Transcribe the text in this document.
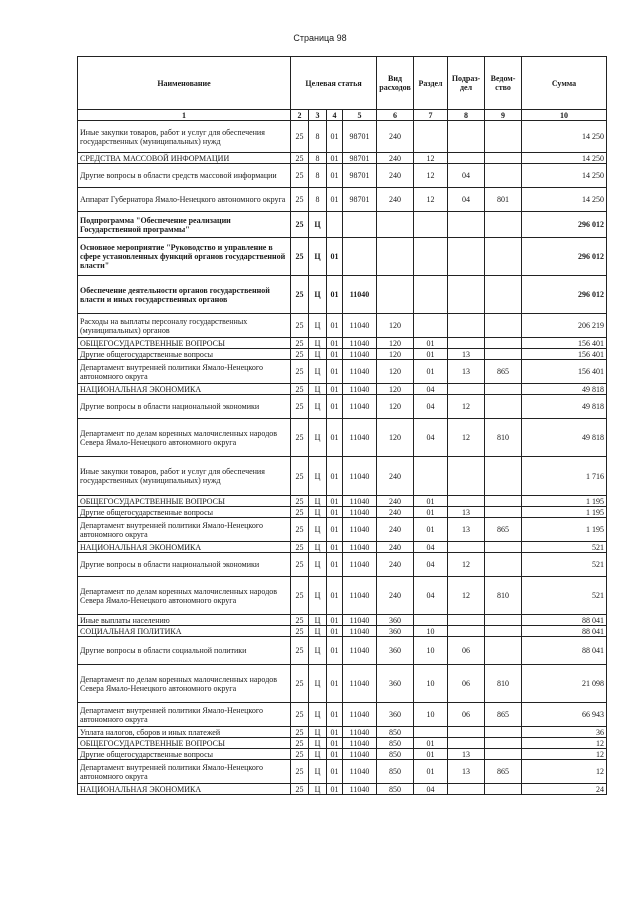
Страница 98
Наименование	Целевая статья				Вид расходов	Раздел	Подраз-дел	Ведом-ство	Сумма
1	2	3	4	5	6	7	8	9	10
Иные закупки товаров, работ и услуг для обеспечения государственных (муниципальных) нужд	25	8	01	98701	240				14 250
СРЕДСТВА МАССОВОЙ ИНФОРМАЦИИ	25	8	01	98701	240	12			14 250
Другие вопросы в области средств массовой информации	25	8	01	98701	240	12	04		14 250
Аппарат Губернатора Ямало-Ненецкого автономного округа	25	8	01	98701	240	12	04	801	14 250
Подпрограмма "Обеспечение реализации Государственной программы"	25	Ц							296 012
Основное мероприятие "Руководство и управление в сфере установленных функций органов государственной власти"	25	Ц	01						296 012
Обеспечение деятельности органов государственной власти и иных государственных органов	25	Ц	01	11040					296 012
Расходы на выплаты персоналу государственных (муниципальных) органов	25	Ц	01	11040	120				206 219
ОБЩЕГОСУДАРСТВЕННЫЕ ВОПРОСЫ	25	Ц	01	11040	120	01			156 401
Другие общегосударственные вопросы	25	Ц	01	11040	120	01	13		156 401
Департамент внутренней политики Ямало-Ненецкого автономного округа	25	Ц	01	11040	120	01	13	865	156 401
НАЦИОНАЛЬНАЯ ЭКОНОМИКА	25	Ц	01	11040	120	04			49 818
Другие вопросы в области национальной экономики	25	Ц	01	11040	120	04	12		49 818
Департамент по делам коренных малочисленных народов Севера Ямало-Ненецкого автономного округа	25	Ц	01	11040	120	04	12	810	49 818
Иные закупки товаров, работ и услуг для обеспечения государственных (муниципальных) нужд	25	Ц	01	11040	240				1 716
ОБЩЕГОСУДАРСТВЕННЫЕ ВОПРОСЫ	25	Ц	01	11040	240	01			1 195
Другие общегосударственные вопросы	25	Ц	01	11040	240	01	13		1 195
Департамент внутренней политики Ямало-Ненецкого автономного округа	25	Ц	01	11040	240	01	13	865	1 195
НАЦИОНАЛЬНАЯ ЭКОНОМИКА	25	Ц	01	11040	240	04			521
Другие вопросы в области национальной экономики	25	Ц	01	11040	240	04	12		521
Департамент по делам коренных малочисленных народов Севера Ямало-Ненецкого автономного округа	25	Ц	01	11040	240	04	12	810	521
Иные выплаты населению	25	Ц	01	11040	360				88 041
СОЦИАЛЬНАЯ ПОЛИТИКА	25	Ц	01	11040	360	10			88 041
Другие вопросы в области социальной политики	25	Ц	01	11040	360	10	06		88 041
Департамент по делам коренных малочисленных народов Севера Ямало-Ненецкого автономного округа	25	Ц	01	11040	360	10	06	810	21 098
Департамент внутренней политики Ямало-Ненецкого автономного округа	25	Ц	01	11040	360	10	06	865	66 943
Уплата налогов, сборов и иных платежей	25	Ц	01	11040	850				36
ОБЩЕГОСУДАРСТВЕННЫЕ ВОПРОСЫ	25	Ц	01	11040	850	01			12
Другие общегосударственные вопросы	25	Ц	01	11040	850	01	13		12
Департамент внутренней политики Ямало-Ненецкого автономного округа	25	Ц	01	11040	850	01	13	865	12
НАЦИОНАЛЬНАЯ ЭКОНОМИКА	25	Ц	01	11040	850	04			24
